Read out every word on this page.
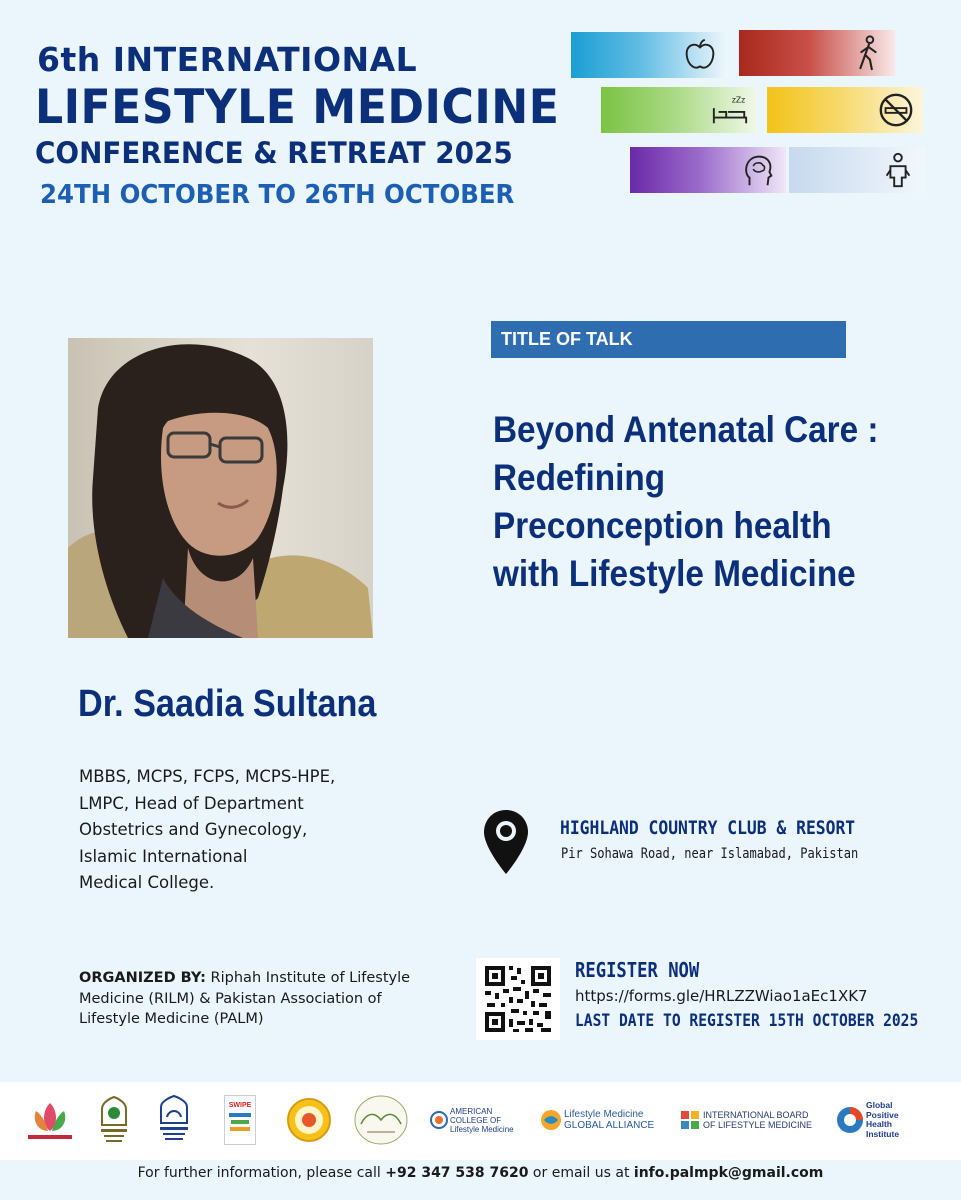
6th INTERNATIONAL
LIFESTYLE MEDICINE
CONFERENCE & RETREAT 2025
24TH OCTOBER TO 26TH OCTOBER
zZz
TITLE OF TALK
Beyond Antenatal Care :
Redefining
Preconception health
with Lifestyle Medicine
Dr. Saadia Sultana
MBBS, MCPS, FCPS, MCPS-HPE,
LMPC, Head of Department
Obstetrics and Gynecology,
Islamic International
Medical College.
HIGHLAND COUNTRY CLUB & RESORT
Pir Sohawa Road, near Islamabad, Pakistan
ORGANIZED BY: Riphah Institute of Lifestyle Medicine (RILM) & Pakistan Association of Lifestyle Medicine (PALM)
REGISTER NOW
https://forms.gle/HRLZZWiao1aEc1XK7
LAST DATE TO REGISTER 15TH OCTOBER 2025
SWIPE
AMERICAN COLLEGE OF Lifestyle Medicine
Lifestyle Medicine GLOBAL ALLIANCE
INTERNATIONAL BOARD OF LIFESTYLE MEDICINE
Global Positive Health Institute
For further information, please call +92 347 538 7620 or email us at info.palmpk@gmail.com
